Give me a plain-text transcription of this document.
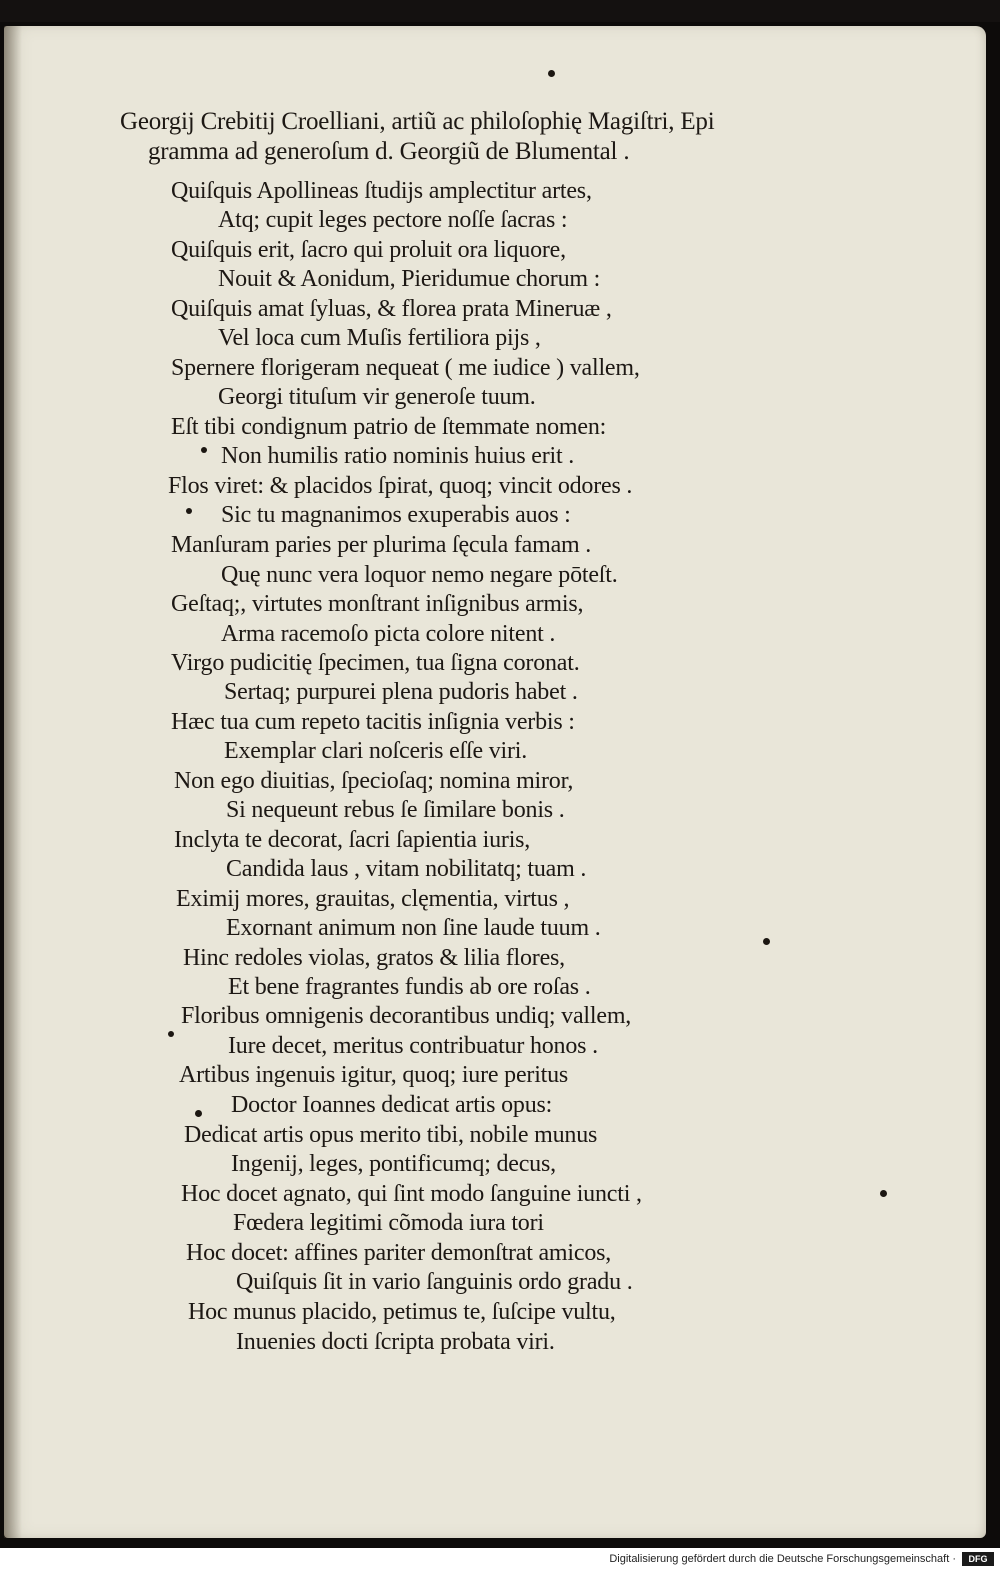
Georgij Crebitij Croelliani, artiũ ac philoſophię Magiſtri, Epi
gramma ad generoſum d. Georgiũ de Blumental .
Quiſquis Apollineas ſtudijs amplectitur artes,
Atq; cupit leges pectore noſſe ſacras :
Quiſquis erit, ſacro qui proluit ora liquore,
Nouit & Aonidum, Pieridumue chorum :
Quiſquis amat ſyluas, & florea prata Mineruæ ,
Vel loca cum Muſis fertiliora pijs ,
Spernere florigeram nequeat ( me iudice ) vallem,
Georgi tituſum vir generoſe tuum.
Eſt tibi condignum patrio de ſtemmate nomen:
Non humilis ratio nominis huius erit .
Flos viret: & placidos ſpirat, quoq; vincit odores .
Sic tu magnanimos exuperabis auos :
Manſuram paries per plurima ſęcula famam .
Quę nunc vera loquor nemo negare pōteſt.
Geſtaq;, virtutes monſtrant inſignibus armis,
Arma racemoſo picta colore nitent .
Virgo pudicitię ſpecimen, tua ſigna coronat.
Sertaq; purpurei plena pudoris habet .
Hæc tua cum repeto tacitis inſignia verbis :
Exemplar clari noſceris eſſe viri.
Non ego diuitias, ſpecioſaq; nomina miror,
Si nequeunt rebus ſe ſimilare bonis .
Inclyta te decorat, ſacri ſapientia iuris,
Candida laus , vitam nobilitatq; tuam .
Eximij mores, grauitas, clęmentia, virtus ,
Exornant animum non ſine laude tuum .
Hinc redoles violas, gratos & lilia flores,
Et bene fragrantes fundis ab ore roſas .
Floribus omnigenis decorantibus undiq; vallem,
Iure decet, meritus contribuatur honos .
Artibus ingenuis igitur, quoq; iure peritus
Doctor Ioannes dedicat artis opus:
Dedicat artis opus merito tibi, nobile munus
Ingenij, leges, pontificumq; decus,
Hoc docet agnato, qui ſint modo ſanguine iuncti ,
Fœdera legitimi cõmoda iura tori
Hoc docet: affines pariter demonſtrat amicos,
Quiſquis ſit in vario ſanguinis ordo gradu .
Hoc munus placido, petimus te, ſuſcipe vultu,
Inuenies docti ſcripta probata viri.
Digitalisierung gefördert durch die Deutsche Forschungsgemeinschaft ·	DFG
